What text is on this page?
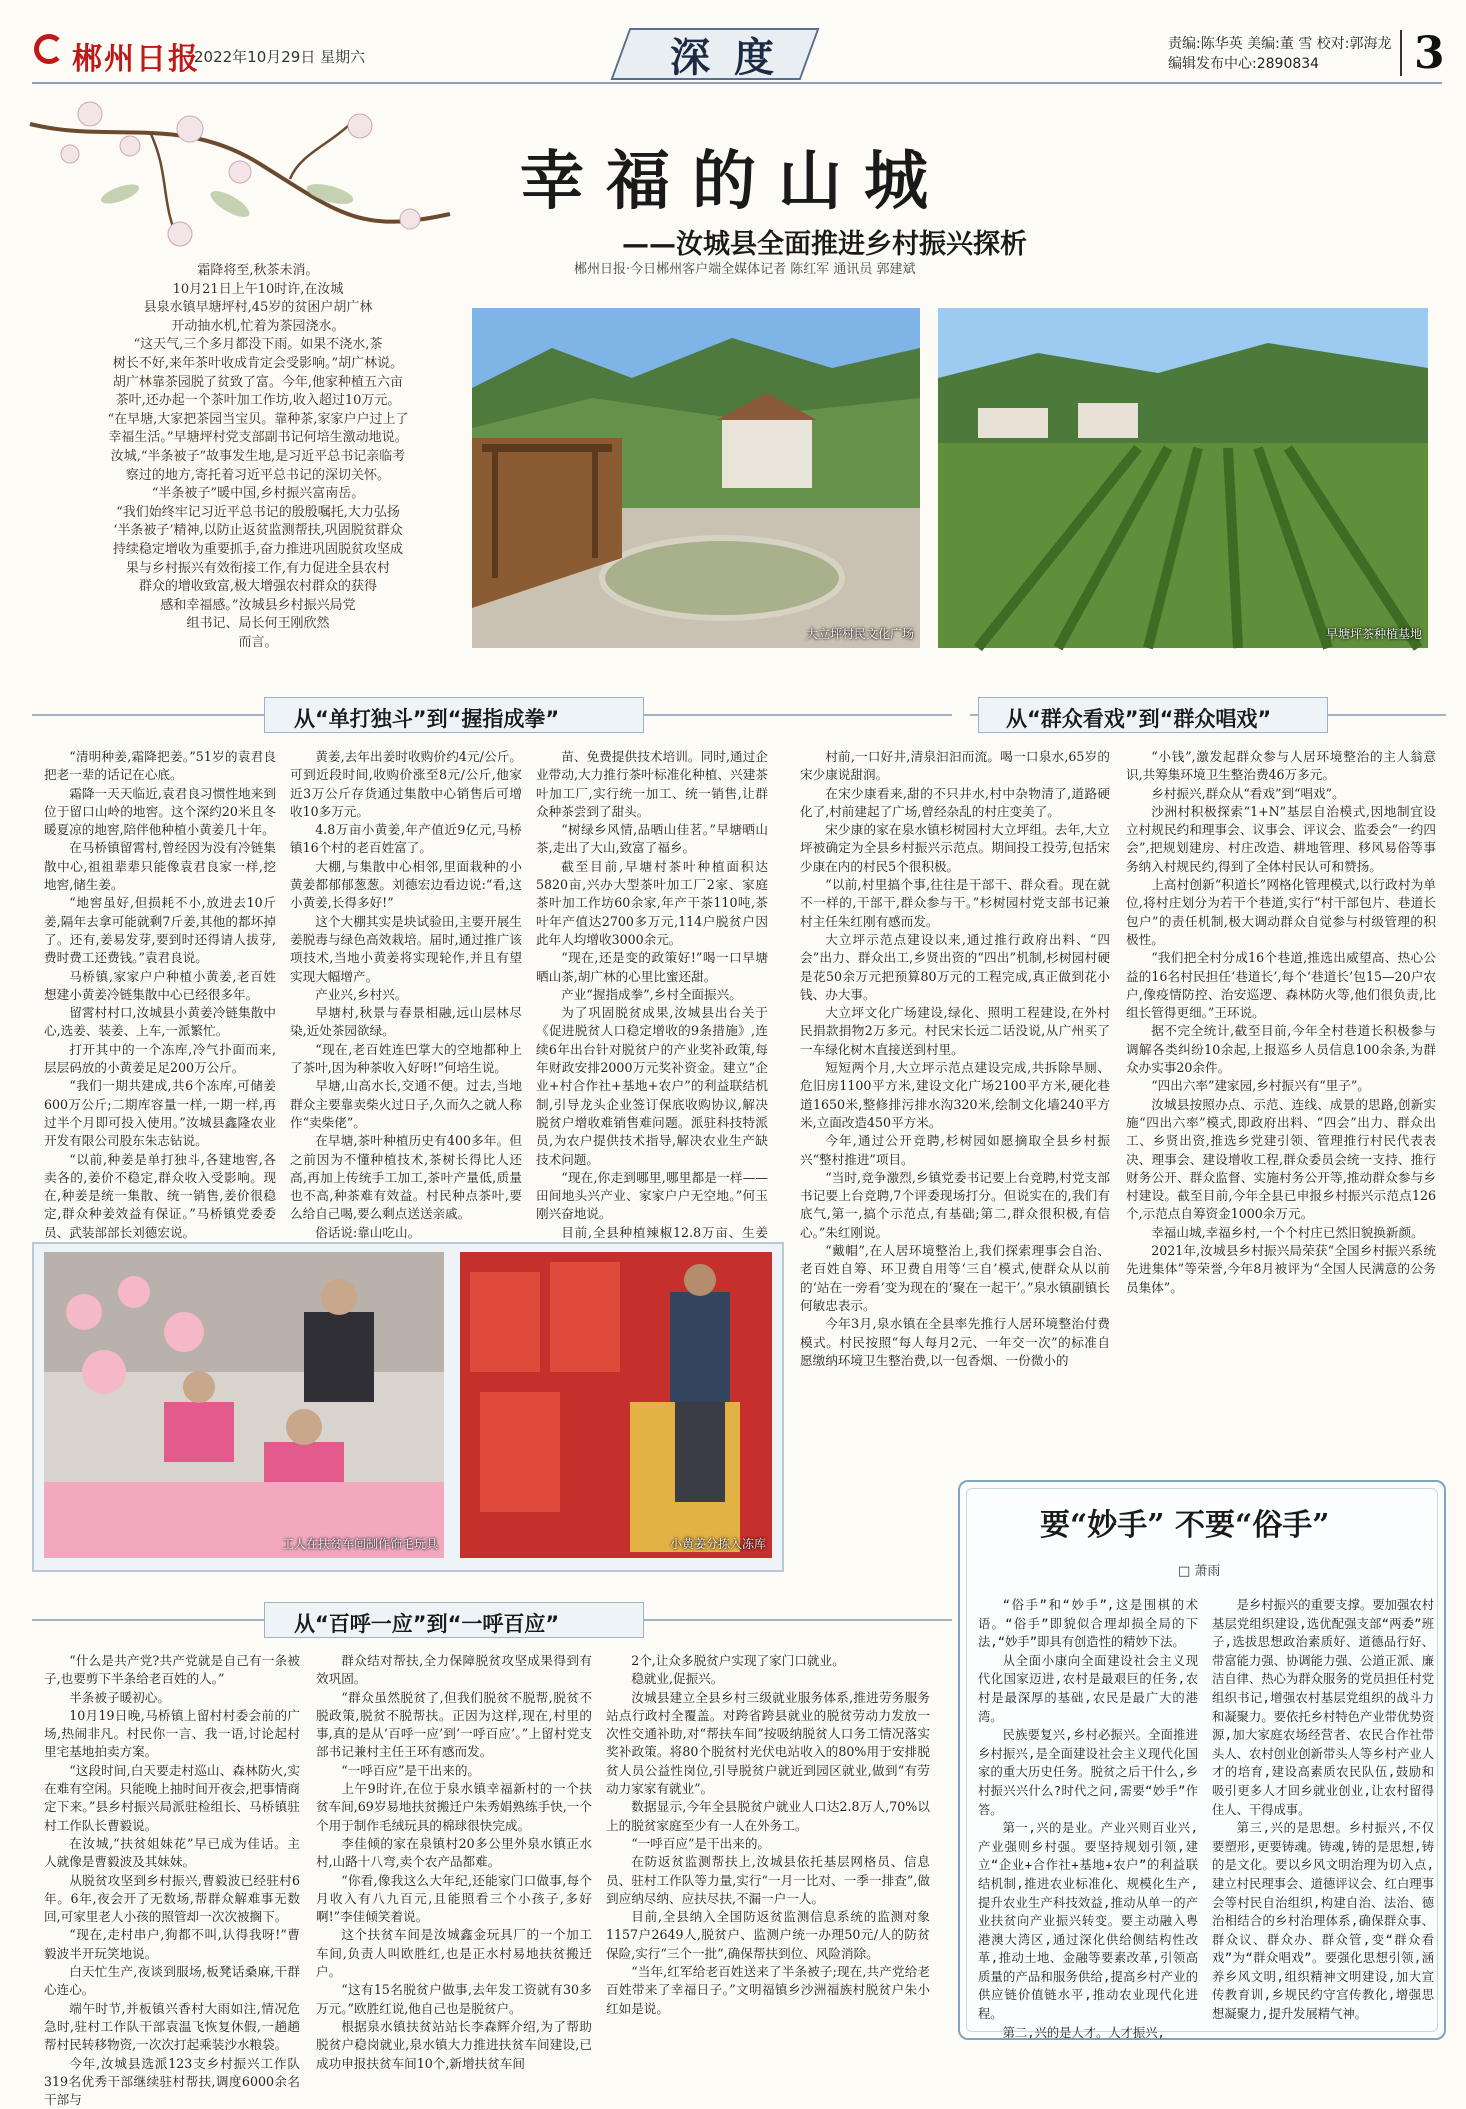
郴州日报
2022年10月29日 星期六	深度	责编:陈华英 美编:董 雪 校对:郭海龙
编辑发布中心:2890834	3
幸福的山城
——汝城县全面推进乡村振兴探析
郴州日报·今日郴州客户端全媒体记者 陈红军 通讯员 郭建斌

霜降将至,秋茶未消。

10月21日上午10时许,在汝城

县泉水镇早塘坪村,45岁的贫困户胡广林

开动抽水机,忙着为茶园浇水。

“这天气,三个多月都没下雨。如果不浇水,茶

树长不好,来年茶叶收成肯定会受影响。”胡广林说。

胡广林靠茶园脱了贫致了富。今年,他家种植五六亩

茶叶,还办起一个茶叶加工作坊,收入超过10万元。

“在早塘,大家把茶园当宝贝。靠种茶,家家户户过上了

幸福生活。”早塘坪村党支部副书记何培生激动地说。

汝城,“半条被子”故事发生地,是习近平总书记亲临考

察过的地方,寄托着习近平总书记的深切关怀。

“半条被子”暖中国,乡村振兴富南岳。

“我们始终牢记习近平总书记的殷殷嘱托,大力弘扬

‘半条被子’精神,以防止返贫监测帮扶,巩固脱贫群众

持续稳定增收为重要抓手,奋力推进巩固脱贫攻坚成

果与乡村振兴有效衔接工作,有力促进全县农村

群众的增收致富,极大增强农村群众的获得

感和幸福感。”汝城县乡村振兴局党

组书记、局长何王刚欣然

而言。

大立坪村民文化广场	早塘坪茶种植基地
从“单打独斗”到“握指成拳”	从“群众看戏”到“群众唱戏”

“清明种姜,霜降把姜。”51岁的袁君良把老一辈的话记在心底。

霜降一天天临近,袁君良习惯性地来到位于留口山岭的地窖。这个深约20米且冬暖夏凉的地窖,陪伴他种植小黄姜几十年。

在马桥镇留霄村,曾经因为没有冷链集散中心,祖祖辈辈只能像袁君良家一样,挖地窖,储生姜。

“地窖虽好,但损耗不小,放进去10斤姜,隔年去拿可能就剩7斤姜,其他的都坏掉了。还有,姜易发芽,要到时还得请人拔芽,费时费工还费钱。”袁君良说。

马桥镇,家家户户种植小黄姜,老百姓想建小黄姜冷链集散中心已经很多年。

留霄村村口,汝城县小黄姜冷链集散中心,选姜、装姜、上车,一派繁忙。

打开其中的一个冻库,冷气扑面而来,层层码放的小黄姜足足200万公斤。

“我们一期共建成,共6个冻库,可储姜600万公斤;二期库容量一样,一期一样,再过半个月即可投入使用。”汝城县鑫隆农业开发有限公司股东朱志钻说。

“以前,种姜是单打独斗,各建地窖,各卖各的,姜价不稳定,群众收入受影响。现在,种姜是统一集散、统一销售,姜价很稳定,群众种姜效益有保证。”马桥镇党委委员、武装部部长刘德宏说。

黄姜,去年出姜时收购价约4元/公斤。可到近段时间,收购价涨至8元/公斤,他家近3万公斤存货通过集散中心销售后可增收10多万元。

4.8万亩小黄姜,年产值近9亿元,马桥镇16个村的老百姓富了。

大棚,与集散中心相邻,里面栽种的小黄姜都郁郁葱葱。刘德宏边看边说:“看,这小黄姜,长得多好!”

这个大棚其实是块试验田,主要开展生姜脱毒与绿色高效栽培。届时,通过推广该项技术,当地小黄姜将实现轮作,并且有望实现大幅增产。

产业兴,乡村兴。

早塘村,秋景与春景相融,远山层林尽染,近处茶园欲绿。

“现在,老百姓连巴掌大的空地都种上了茶叶,因为种茶收入好呀!”何培生说。

早塘,山高水长,交通不便。过去,当地群众主要靠卖柴火过日子,久而久之就人称作“卖柴佬”。

在早塘,茶叶种植历史有400多年。但之前因为不懂种植技术,茶树长得比人还高,再加上传统手工加工,茶叶产量低,质量也不高,种茶难有效益。村民种点茶叶,要么给自己喝,要么剩点送送亲戚。

俗话说:靠山吃山。

苗、免费提供技术培训。同时,通过企业带动,大力推行茶叶标准化种植、兴建茶叶加工厂,实行统一加工、统一销售,让群众种茶尝到了甜头。

“树绿乡风情,品晒山佳茗。”早塘晒山茶,走出了大山,致富了福乡。

截至目前,早塘村茶叶种植面积达5820亩,兴办大型茶叶加工厂2家、家庭茶叶加工作坊60余家,年产干茶110吨,茶叶年产值达2700多万元,114户脱贫户因此年人均增收3000余元。

“现在,还是变的政策好!”喝一口早塘晒山茶,胡广林的心里比蜜还甜。

产业“握指成拳”,乡村全面振兴。

为了巩固脱贫成果,汝城县出台关于《促进脱贫人口稳定增收的9条措施》,连续6年出台针对脱贫户的产业奖补政策,每年财政安排2000万元奖补资金。建立“企业+村合作社+基地+农户”的利益联结机制,引导龙头企业签订保底收购协议,解决脱贫户增收难销售难问题。派驻科技特派员,为农户提供技术指导,解决农业生产缺技术问题。

“现在,你走到哪里,哪里都是一样——田间地头兴产业、家家户户无空地。”何玉刚兴奋地说。

目前,全县种植辣椒12.8万亩、生姜

村前,一口好井,清泉汩汩而流。喝一口泉水,65岁的宋少康说甜润。

在宋少康看来,甜的不只井水,村中杂物清了,道路硬化了,村前建起了广场,曾经杂乱的村庄变美了。

宋少康的家在泉水镇杉树园村大立坪组。去年,大立坪被确定为全县乡村振兴示范点。期间投工投劳,包括宋少康在内的村民5个很积极。

“以前,村里搞个事,往往是干部干、群众看。现在就不一样的,干部干,群众参与干。”杉树园村党支部书记兼村主任朱红刚有感而发。

大立坪示范点建设以来,通过推行政府出料、“四会”出力、群众出工,乡贤出资的“四出”机制,杉树园村硬是花50余万元把预算80万元的工程完成,真正做到花小钱、办大事。

大立坪文化广场建设,绿化、照明工程建设,在外村民捐款捐物2万多元。村民宋长远二话没说,从广州买了一车绿化树木直接送到村里。

短短两个月,大立坪示范点建设完成,共拆除旱厕、危旧房1100平方米,建设文化广场2100平方米,硬化巷道1650米,整修排污排水沟320米,绘制文化墙240平方米,立面改造450平方米。

今年,通过公开竞聘,杉树园如愿摘取全县乡村振兴“整村推进”项目。

“当时,竞争激烈,乡镇党委书记要上台竞聘,村党支部书记要上台竞聘,7个评委现场打分。但说实在的,我们有底气,第一,搞个示范点,有基础;第二,群众很积极,有信心。”朱红刚说。

“戴帽”,在人居环境整治上,我们探索理事会自治、老百姓自筹、环卫费自用等‘三自’模式,使群众从以前的‘站在一旁看’变为现在的‘聚在一起干’。”泉水镇副镇长何敏忠表示。

今年3月,泉水镇在全县率先推行人居环境整治付费模式。村民按照“每人每月2元、一年交一次”的标准自愿缴纳环境卫生整治费,以一包香烟、一份微小的

“小钱”,激发起群众参与人居环境整治的主人翁意识,共筹集环境卫生整治费46万多元。

乡村振兴,群众从“看戏”到“唱戏”。

沙洲村积极探索“1+N”基层自治模式,因地制宜设立村规民约和理事会、议事会、评议会、监委会“一约四会”,把规划建房、村庄改造、耕地管理、移风易俗等事务纳入村规民约,得到了全体村民认可和赞扬。

上高村创新“积道长”网格化管理模式,以行政村为单位,将村庄划分为若干个巷道,实行“村干部包片、巷道长包户”的责任机制,极大调动群众自觉参与村级管理的积极性。

“我们把全村分成16个巷道,推选出威望高、热心公益的16名村民担任‘巷道长’,每个‘巷道长’包15—20户农户,像疫情防控、治安巡逻、森林防火等,他们很负责,比组长管得更细。”王环说。

据不完全统计,截至目前,今年全村巷道长积极参与调解各类纠纷10余起,上报巡乡人员信息100余条,为群众办实事20余件。

“四出六率”建家园,乡村振兴有“里子”。

汝城县按照办点、示范、连线、成景的思路,创新实施“四出六率”模式,即政府出料、“四会”出力、群众出工、乡贤出资,推选乡党建引领、管理推行村民代表表决、理事会、建设增收工程,群众委员会统一支持、推行财务公开、群众监督、实施村务公开等,推动群众参与乡村建设。截至目前,今年全县已申报乡村振兴示范点126个,示范点自筹资金1000余万元。

幸福山城,幸福乡村,一个个村庄已然旧貌换新颜。

2021年,汝城县乡村振兴局荣获“全国乡村振兴系统先进集体”等荣誉,今年8月被评为“全国人民满意的公务员集体”。

工人在扶贫车间制作饰毛玩具	小黄姜分拣入冻库
从“百呼一应”到“一呼百应”

“什么是共产党?共产党就是自己有一条被子,也要剪下半条给老百姓的人。”

半条被子暖初心。

10月19日晚,马桥镇上留村村委会前的广场,热闹非凡。村民你一言、我一语,讨论起村里宅基地拍卖方案。

“这段时间,白天要走村巡山、森林防火,实在难有空闲。只能晚上抽时间开夜会,把事情商定下来。”县乡村振兴局派驻检组长、马桥镇驻村工作队长曹毅说。

在汝城,“扶贫姐妹花”早已成为佳话。主人就像是曹毅波及其妹妹。

从脱贫攻坚到乡村振兴,曹毅波已经驻村6年。6年,夜会开了无数场,帮群众解难事无数回,可家里老人小孩的照管却一次次被搁下。

“现在,走村串户,狗都不叫,认得我呀!”曹毅波半开玩笑地说。

白天忙生产,夜谈到服场,板凳话桑麻,干群心连心。

端午时节,并板镇兴香村大雨如注,情况危急时,驻村工作队干部袁温飞恢复休假,一趟趟帮村民转移物资,一次次打起乘装沙水粮袋。

今年,汝城县选派123支乡村振兴工作队319名优秀干部继续驻村帮扶,调度6000余名干部与

群众结对帮扶,全力保障脱贫攻坚成果得到有效巩固。

“群众虽然脱贫了,但我们脱贫不脱帮,脱贫不脱政策,脱贫不脱帮扶。正因为这样,现在,村里的事,真的是从‘百呼一应’到‘一呼百应’。”上留村党支部书记兼村主任王环有感而发。

“一呼百应”是干出来的。

上午9时许,在位于泉水镇幸福新村的一个扶贫车间,69岁易地扶贫搬迁户朱秀娟熟练手快,一个个用于制作毛绒玩具的棉球很快完成。

李佳倾的家在泉镇村20多公里外泉水镇正水村,山路十八弯,卖个农产品都难。

“你看,像我这么大年纪,还能家门口做事,每个月收入有八九百元,且能照看三个小孩子,多好啊!”李佳倾笑着说。

这个扶贫车间是汝城鑫金玩具厂的一个加工车间,负责人叫欧胜红,也是正水村易地扶贫搬迁户。

“这有15名脱贫户做事,去年发工资就有30多万元。”欧胜红说,他自己也是脱贫户。

根据泉水镇扶贫站站长李森辉介绍,为了帮助脱贫户稳岗就业,泉水镇大力推进扶贫车间建设,已成功申报扶贫车间10个,新增扶贫车间

2个,让众多脱贫户实现了家门口就业。

稳就业,促振兴。

汝城县建立全县乡村三级就业服务体系,推进劳务服务站点行政村全覆盖。对跨省跨县就业的脱贫劳动力发放一次性交通补助,对“帮扶车间”按吸纳脱贫人口务工情况落实奖补政策。将80个脱贫村光伏电站收入的80%用于安排脱贫人员公益性岗位,引导脱贫户就近到园区就业,做到“有劳动力家家有就业”。

数据显示,今年全县脱贫户就业人口达2.8万人,70%以上的脱贫家庭至少有一人在外务工。

“一呼百应”是干出来的。

在防返贫监测帮扶上,汝城县依托基层网格员、信息员、驻村工作队等力量,实行“一月一比对、一季一排查”,做到应纳尽纳、应扶尽扶,不漏一户一人。

目前,全县纳入全国防返贫监测信息系统的监测对象1157户2649人,脱贫户、监测户统一办理50元/人的防贫保险,实行“三个一批”,确保帮扶到位、风险消除。

“当年,红军给老百姓送来了半条被子;现在,共产党给老百姓带来了幸福日子。”文明福镇乡沙洲福族村脱贫户朱小红如是说。

要“妙手” 不要“俗手”
□ 萧雨

“俗手”和“妙手”,这是围棋的术语。“俗手”即貌似合理却损全局的下法,“妙手”即具有创造性的精妙下法。

从全面小康向全面建设社会主义现代化国家迈进,农村是最艰巨的任务,农村是最深厚的基础,农民是最广大的港湾。

民族要复兴,乡村必振兴。全面推进乡村振兴,是全面建设社会主义现代化国家的重大历史任务。脱贫之后干什么,乡村振兴兴什么?时代之问,需要“妙手”作答。

第一,兴的是业。产业兴则百业兴,产业强则乡村强。要坚持规划引领,建立“企业+合作社+基地+农户”的利益联结机制,推进农业标准化、规模化生产,提升农业生产科技效益,推动从单一的产业扶贫向产业振兴转变。要主动融入粤港澳大湾区,通过深化供给侧结构性改革,推动土地、金融等要素改革,引领高质量的产品和服务供给,提高乡村产业的供应链价值链水平,推动农业现代化进程。

第二,兴的是人才。人才振兴,

是乡村振兴的重要支撑。要加强农村基层党组织建设,选优配强支部“两委”班子,选拔思想政治素质好、道德品行好、带富能力强、协调能力强、公道正派、廉洁自律、热心为群众服务的党员担任村党组织书记,增强农村基层党组织的战斗力和凝聚力。要依托乡村特色产业带优势资源,加大家庭农场经营者、农民合作社带头人、农村创业创新带头人等乡村产业人才的培育,建设高素质农民队伍,鼓励和吸引更多人才回乡就业创业,让农村留得住人、干得成事。

第三,兴的是思想。乡村振兴,不仅要塑形,更要铸魂。铸魂,铸的是思想,铸的是文化。要以乡风文明治理为切入点,建立村民理事会、道德评议会、红白理事会等村民自治组织,构建自治、法治、德治相结合的乡村治理体系,确保群众事、群众议、群众办、群众管,变“群众看戏”为“群众唱戏”。要强化思想引领,涵养乡风文明,组织精神文明建设,加大宣传教育训,乡规民约守宫传教化,增强思想凝聚力,提升发展精气神。
